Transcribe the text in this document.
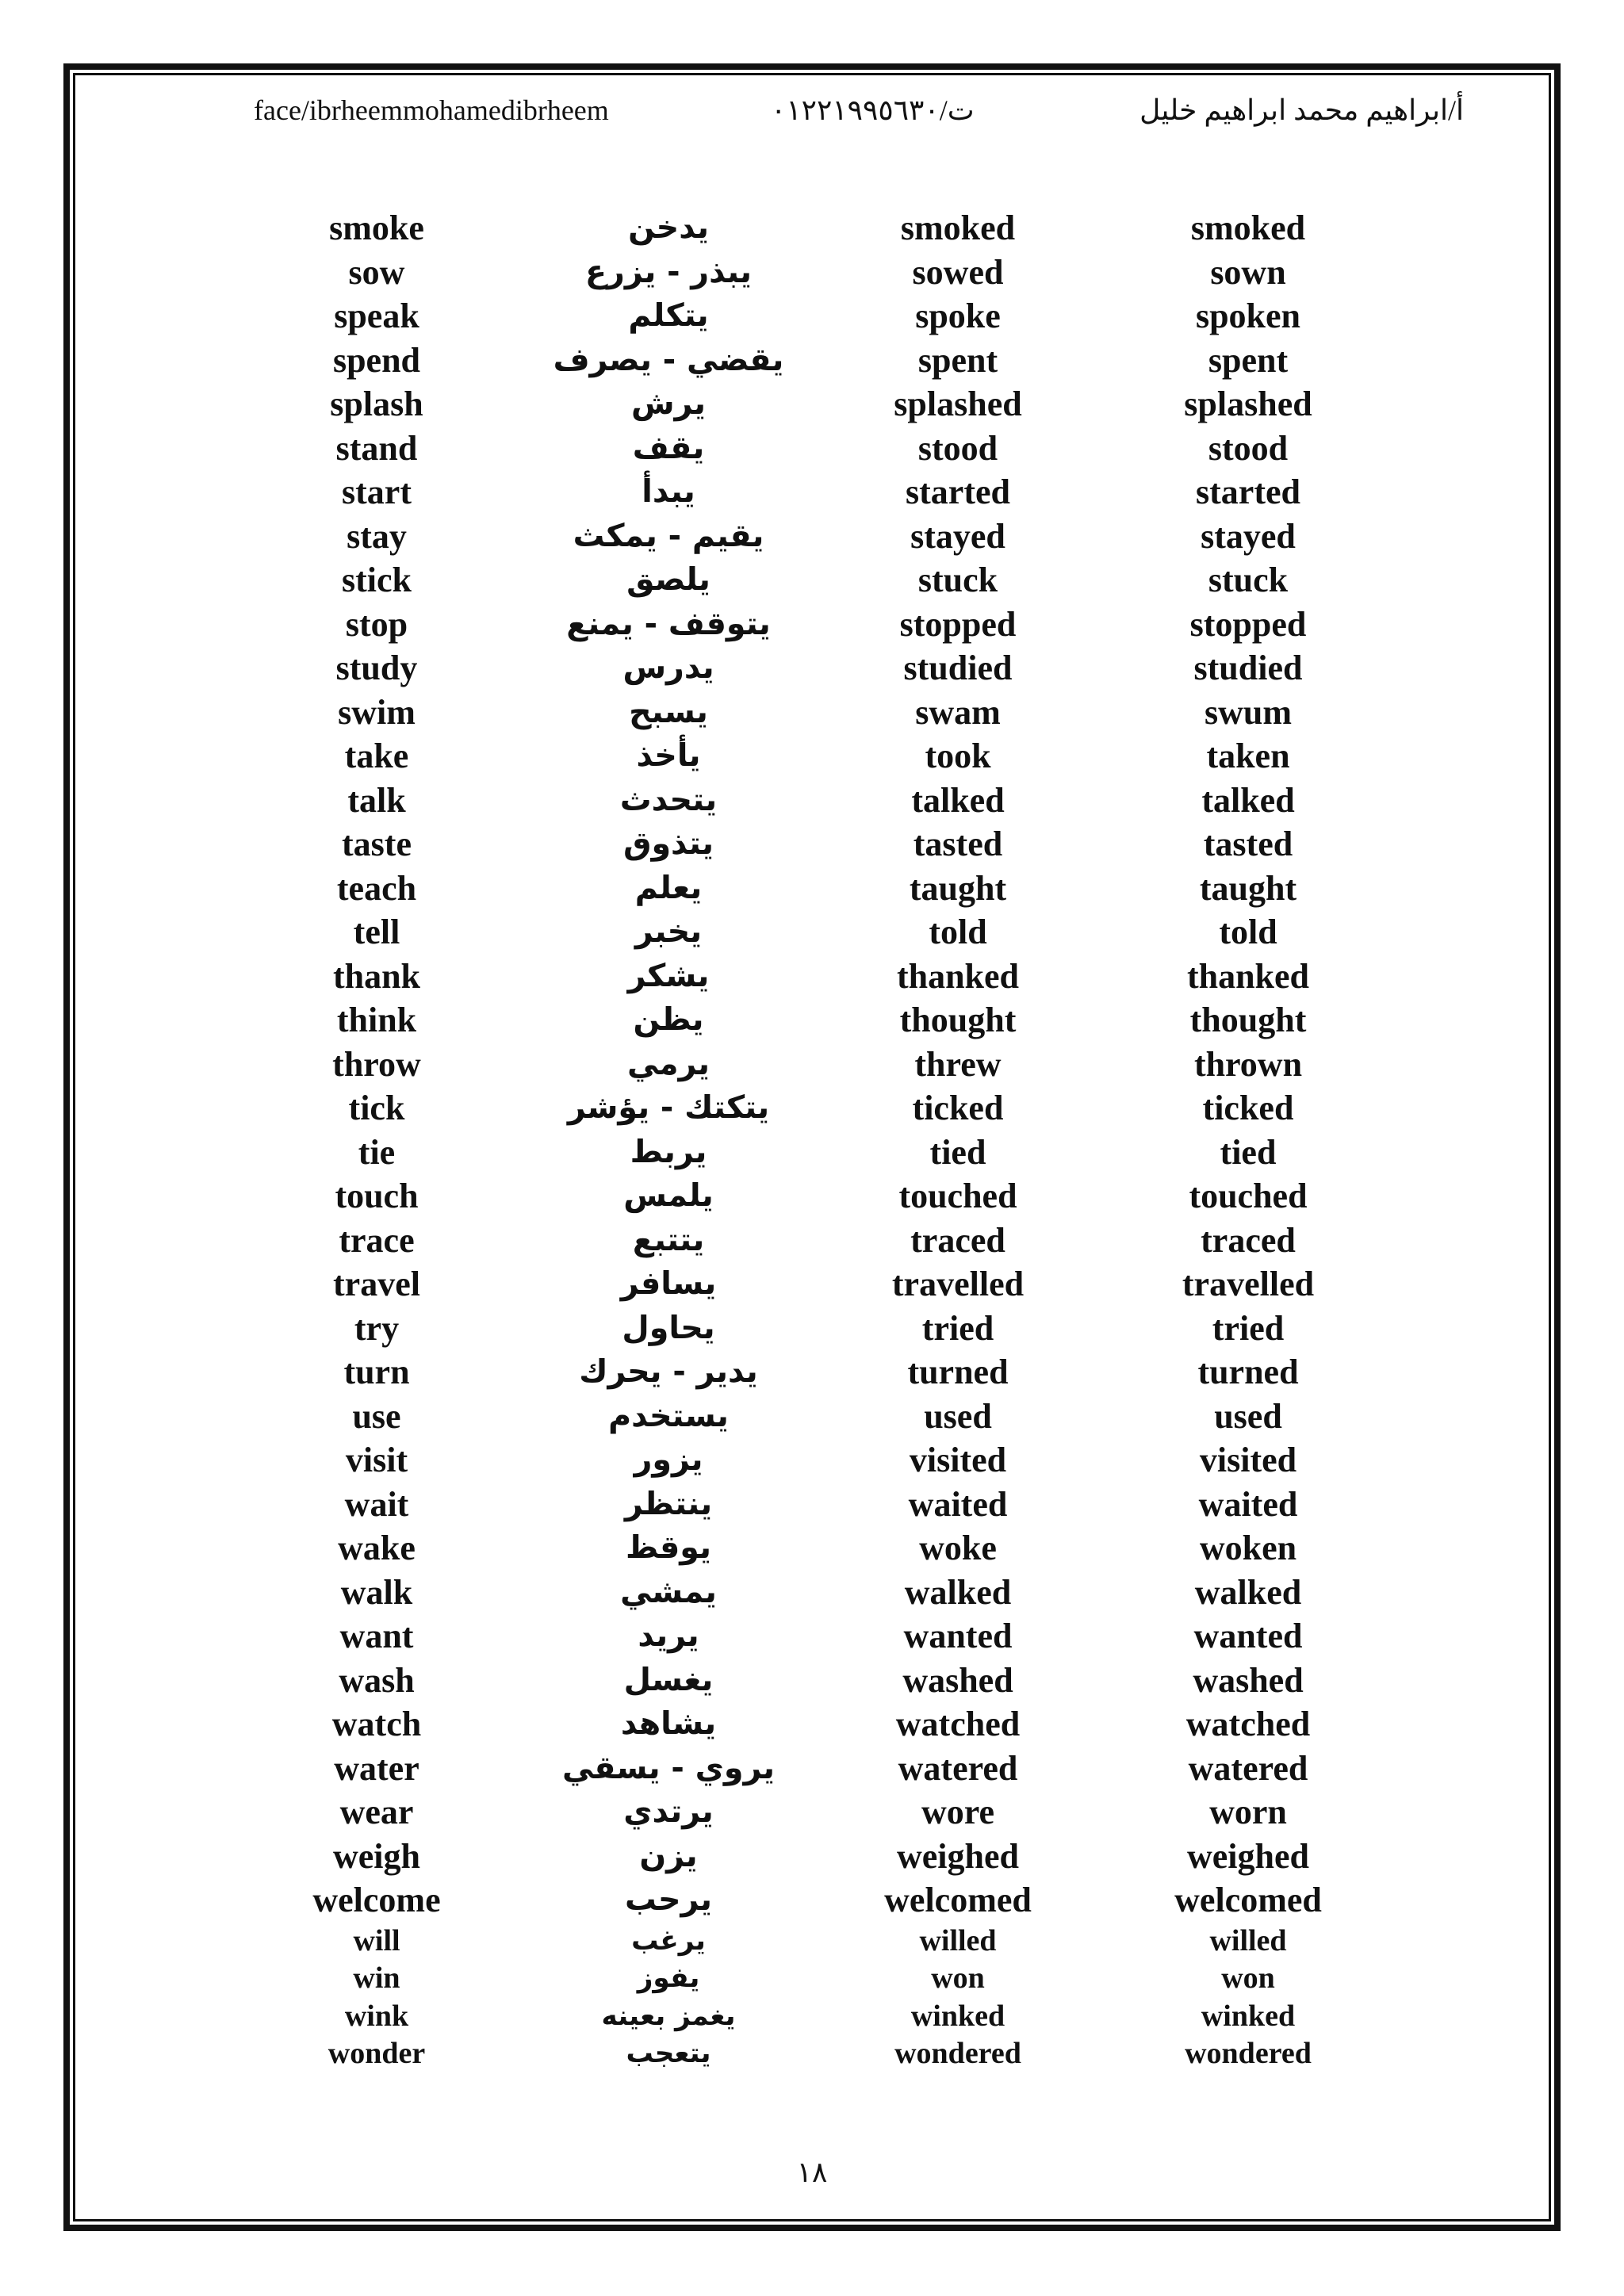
face/ibrheemmohamedibrheem	ت/٠١٢٢١٩٩٥٦٣٠	أ/ابراهيم محمد ابراهيم خليل
smoke	يدخن	smoked	smoked
sow	يبذر - يزرع	sowed	sown
speak	يتكلم	spoke	spoken
spend	يقضي - يصرف	spent	spent
splash	يرش	splashed	splashed
stand	يقف	stood	stood
start	يبدأ	started	started
stay	يقيم - يمكث	stayed	stayed
stick	يلصق	stuck	stuck
stop	يتوقف - يمنع	stopped	stopped
study	يدرس	studied	studied
swim	يسبح	swam	swum
take	يأخذ	took	taken
talk	يتحدث	talked	talked
taste	يتذوق	tasted	tasted
teach	يعلم	taught	taught
tell	يخبر	told	told
thank	يشكر	thanked	thanked
think	يظن	thought	thought
throw	يرمي	threw	thrown
tick	يتكتك - يؤشر	ticked	ticked
tie	يربط	tied	tied
touch	يلمس	touched	touched
trace	يتتبع	traced	traced
travel	يسافر	travelled	travelled
try	يحاول	tried	tried
turn	يدير - يحرك	turned	turned
use	يستخدم	used	used
visit	يزور	visited	visited
wait	ينتظر	waited	waited
wake	يوقظ	woke	woken
walk	يمشي	walked	walked
want	يريد	wanted	wanted
wash	يغسل	washed	washed
watch	يشاهد	watched	watched
water	يروي - يسقي	watered	watered
wear	يرتدي	wore	worn
weigh	يزن	weighed	weighed
welcome	يرحب	welcomed	welcomed
will	يرغب	willed	willed
win	يفوز	won	won
wink	يغمز بعينه	winked	winked
wonder	يتعجب	wondered	wondered
١٨
